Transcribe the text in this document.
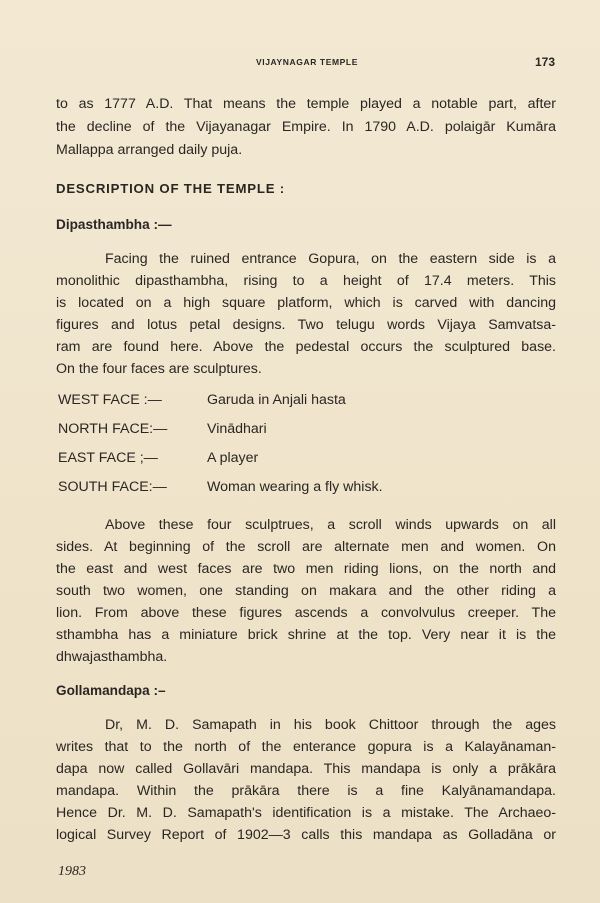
VIJAYNAGAR TEMPLE	173
to as 1777 A.D. That means the temple played a notable part, after
the decline of the Vijayanagar Empire. In 1790 A.D. polaigār Kumāra
Mallappa arranged daily puja.
DESCRIPTION OF THE TEMPLE :
Dipasthambha :—
Facing the ruined entrance Gopura, on the eastern side is a
monolithic dipasthambha, rising to a height of 17.4 meters. This
is located on a high square platform, which is carved with dancing
figures and lotus petal designs. Two telugu words Vijaya Samvatsa-
ram are found here. Above the pedestal occurs the sculptured base.
On the four faces are sculptures.
WEST FACE :—	Garuda in Anjali hasta
NORTH FACE:—	Vinādhari
EAST FACE ;—	A player
SOUTH FACE:—	Woman wearing a fly whisk.
Above these four sculptrues, a scroll winds upwards on all
sides. At beginning of the scroll are alternate men and women. On
the east and west faces are two men riding lions, on the north and
south two women, one standing on makara and the other riding a
lion. From above these figures ascends a convolvulus creeper. The
sthambha has a miniature brick shrine at the top. Very near it is the
dhwajasthambha.
Gollamandapa :–
Dr, M. D. Samapath in his book Chittoor through the ages
writes that to the north of the enterance gopura is a Kalayānaman-
dapa now called Gollavāri mandapa. This mandapa is only a prākāra
mandapa. Within the prākāra there is a fine Kalyānamandapa.
Hence Dr. M. D. Samapath's identification is a mistake. The Archaeo-
logical Survey Report of 1902—3 calls this mandapa as Golladāna or
1983
